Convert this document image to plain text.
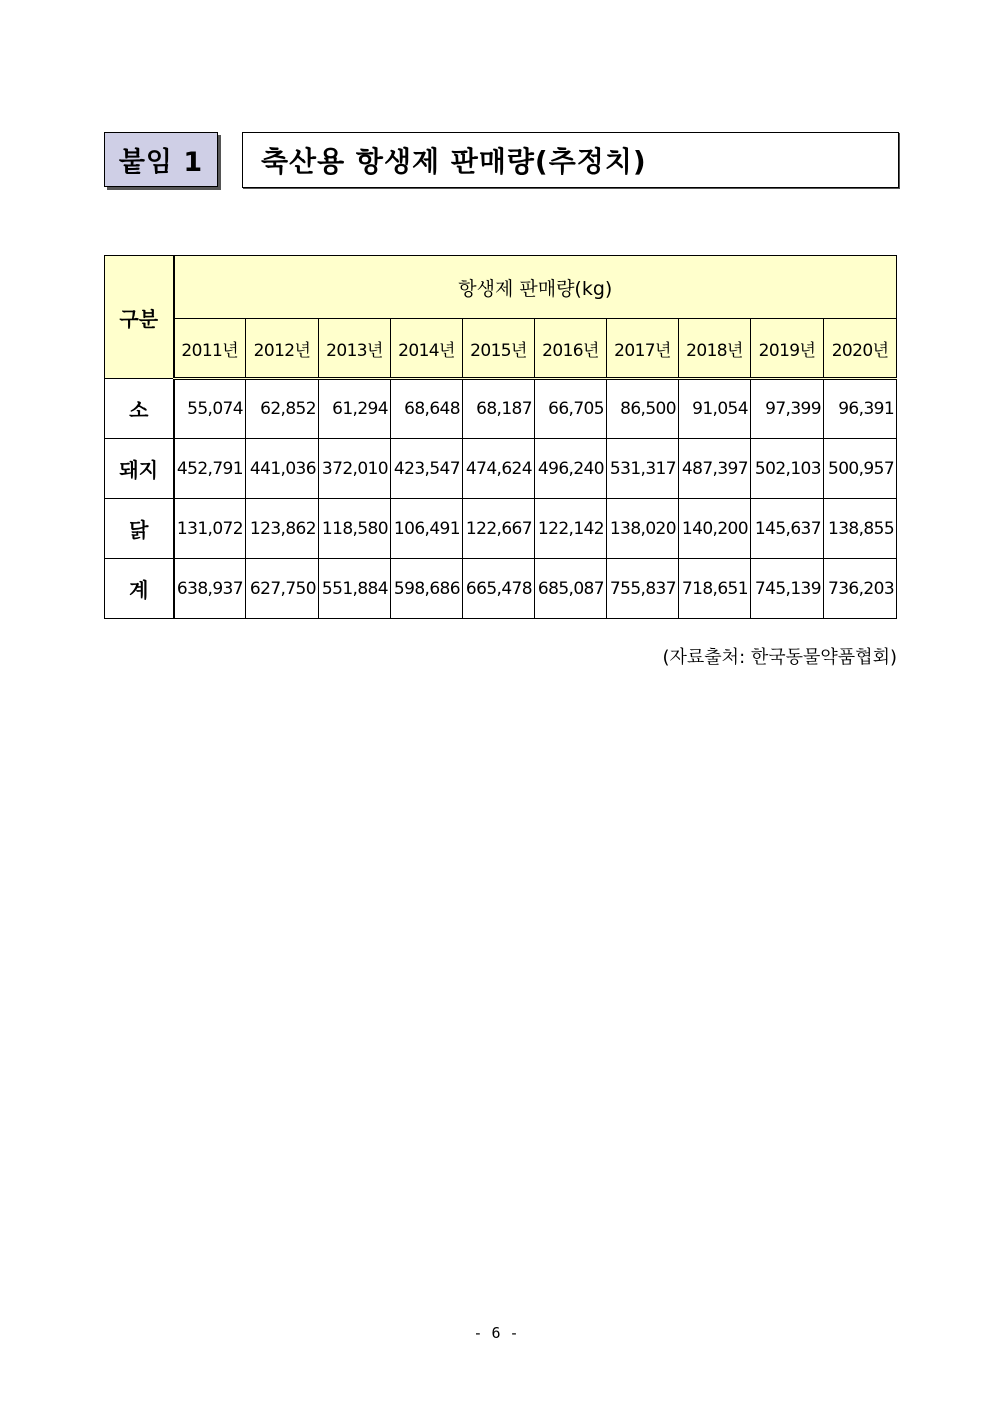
붙임 1	축산용 항생제 판매량(추정치)
구분	항생제 판매량(kg)									
	2011년	2012년	2013년	2014년	2015년	2016년	2017년	2018년	2019년	2020년
소	55,074	62,852	61,294	68,648	68,187	66,705	86,500	91,054	97,399	96,391
돼지	452,791	441,036	372,010	423,547	474,624	496,240	531,317	487,397	502,103	500,957
닭	131,072	123,862	118,580	106,491	122,667	122,142	138,020	140,200	145,637	138,855
계	638,937	627,750	551,884	598,686	665,478	685,087	755,837	718,651	745,139	736,203
(자료출처: 한국동물약품협회)
- 6 -
